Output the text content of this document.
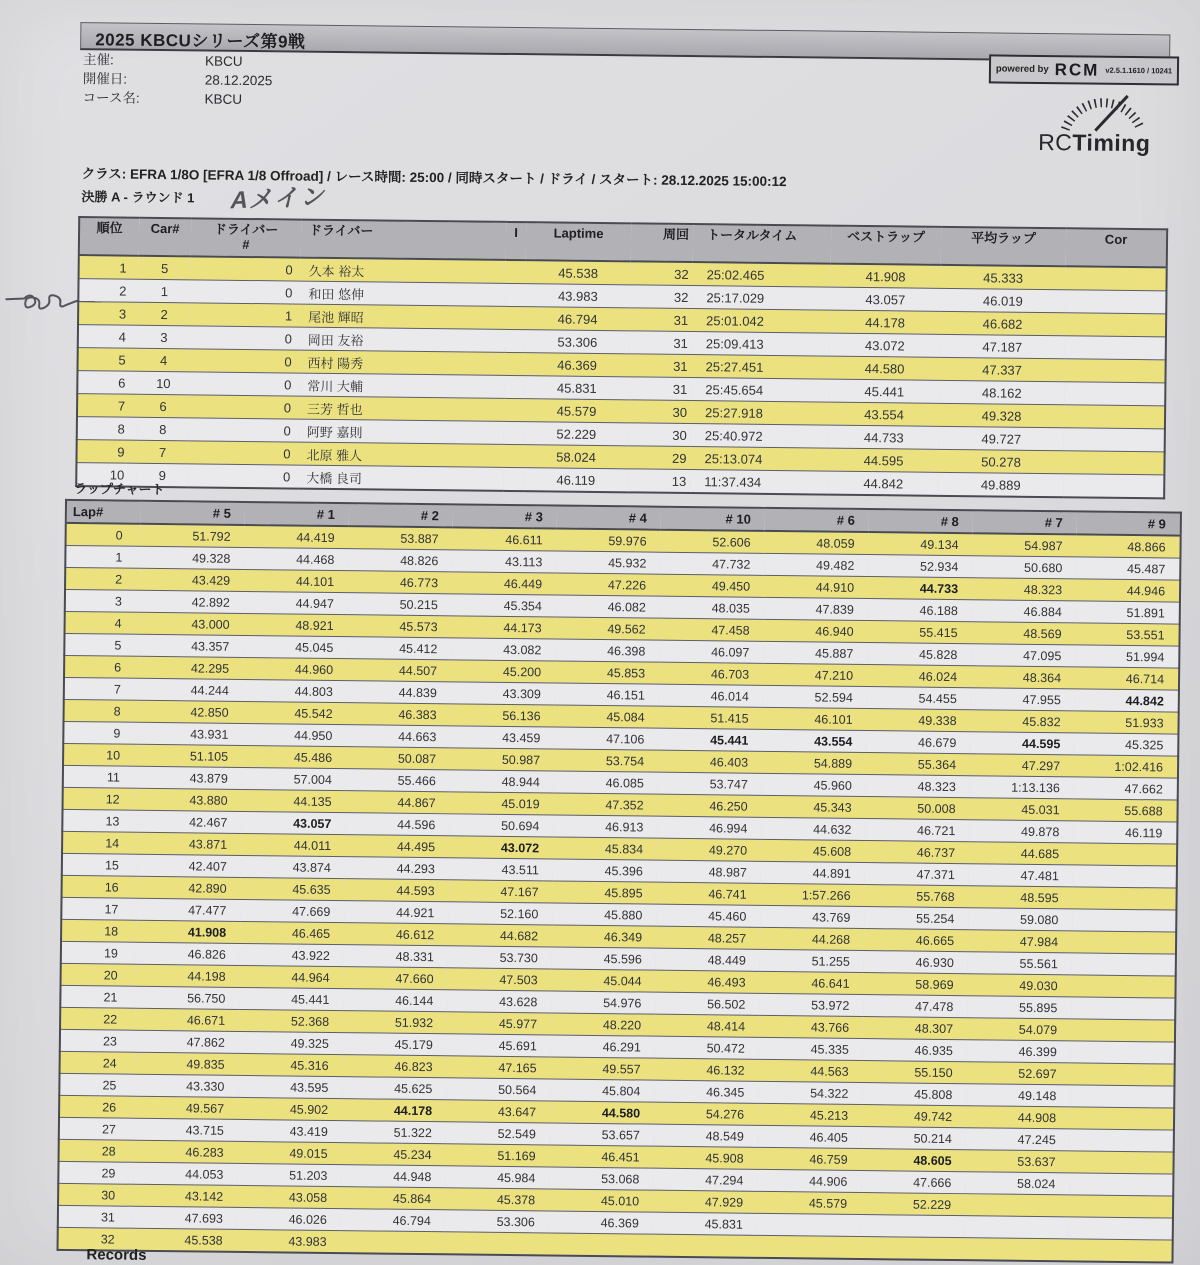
2025 KBCUシリーズ第9戦
powered by RCM v2.5.1.1610 / 10241
主催:	KBCU
開催日:	28.12.2025
コース名:	KBCU
RCTiming
クラス: EFRA 1/8O [EFRA 1/8 Offroad] / レース時間: 25:00 / 同時スタート / ドライ / スタート: 28.12.2025 15:00:12
決勝 A - ラウンド 1 Aメイン
順位	Car#	ドライバー
#	ドライバー	I	Laptime	周回	トータルタイム	ベストラップ	平均ラップ	Cor
1	5	0	久本 裕太		45.538	32	25:02.465	41.908	45.333	
2	1	0	和田 悠伸		43.983	32	25:17.029	43.057	46.019	
3	2	1	尾池 輝昭		46.794	31	25:01.042	44.178	46.682	
4	3	0	岡田 友裕		53.306	31	25:09.413	43.072	47.187	
5	4	0	西村 陽秀		46.369	31	25:27.451	44.580	47.337	
6	10	0	常川 大輔		45.831	31	25:45.654	45.441	48.162	
7	6	0	三芳 哲也		45.579	30	25:27.918	43.554	49.328	
8	8	0	阿野 嘉則		52.229	30	25:40.972	44.733	49.727	
9	7	0	北原 雅人		58.024	29	25:13.074	44.595	50.278	
10	9	0	大橋 良司		46.119	13	11:37.434	44.842	49.889	
ラップチャート
Lap#	# 5	# 1	# 2	# 3	# 4	# 10	# 6	# 8	# 7	# 9
0	51.792	44.419	53.887	46.611	59.976	52.606	48.059	49.134	54.987	48.866
1	49.328	44.468	48.826	43.113	45.932	47.732	49.482	52.934	50.680	45.487
2	43.429	44.101	46.773	46.449	47.226	49.450	44.910	44.733	48.323	44.946
3	42.892	44.947	50.215	45.354	46.082	48.035	47.839	46.188	46.884	51.891
4	43.000	48.921	45.573	44.173	49.562	47.458	46.940	55.415	48.569	53.551
5	43.357	45.045	45.412	43.082	46.398	46.097	45.887	45.828	47.095	51.994
6	42.295	44.960	44.507	45.200	45.853	46.703	47.210	46.024	48.364	46.714
7	44.244	44.803	44.839	43.309	46.151	46.014	52.594	54.455	47.955	44.842
8	42.850	45.542	46.383	56.136	45.084	51.415	46.101	49.338	45.832	51.933
9	43.931	44.950	44.663	43.459	47.106	45.441	43.554	46.679	44.595	45.325
10	51.105	45.486	50.087	50.987	53.754	46.403	54.889	55.364	47.297	1:02.416
11	43.879	57.004	55.466	48.944	46.085	53.747	45.960	48.323	1:13.136	47.662
12	43.880	44.135	44.867	45.019	47.352	46.250	45.343	50.008	45.031	55.688
13	42.467	43.057	44.596	50.694	46.913	46.994	44.632	46.721	49.878	46.119
14	43.871	44.011	44.495	43.072	45.834	49.270	45.608	46.737	44.685	
15	42.407	43.874	44.293	43.511	45.396	48.987	44.891	47.371	47.481	
16	42.890	45.635	44.593	47.167	45.895	46.741	1:57.266	55.768	48.595	
17	47.477	47.669	44.921	52.160	45.880	45.460	43.769	55.254	59.080	
18	41.908	46.465	46.612	44.682	46.349	48.257	44.268	46.665	47.984	
19	46.826	43.922	48.331	53.730	45.596	48.449	51.255	46.930	55.561	
20	44.198	44.964	47.660	47.503	45.044	46.493	46.641	58.969	49.030	
21	56.750	45.441	46.144	43.628	54.976	56.502	53.972	47.478	55.895	
22	46.671	52.368	51.932	45.977	48.220	48.414	43.766	48.307	54.079	
23	47.862	49.325	45.179	45.691	46.291	50.472	45.335	46.935	46.399	
24	49.835	45.316	46.823	47.165	49.557	46.132	44.563	55.150	52.697	
25	43.330	43.595	45.625	50.564	45.804	46.345	54.322	45.808	49.148	
26	49.567	45.902	44.178	43.647	44.580	54.276	45.213	49.742	44.908	
27	43.715	43.419	51.322	52.549	53.657	48.549	46.405	50.214	47.245	
28	46.283	49.015	45.234	51.169	46.451	45.908	46.759	48.605	53.637	
29	44.053	51.203	44.948	45.984	53.068	47.294	44.906	47.666	58.024	
30	43.142	43.058	45.864	45.378	45.010	47.929	45.579	52.229		
31	47.693	46.026	46.794	53.306	46.369	45.831				
32	45.538	43.983								
Records
